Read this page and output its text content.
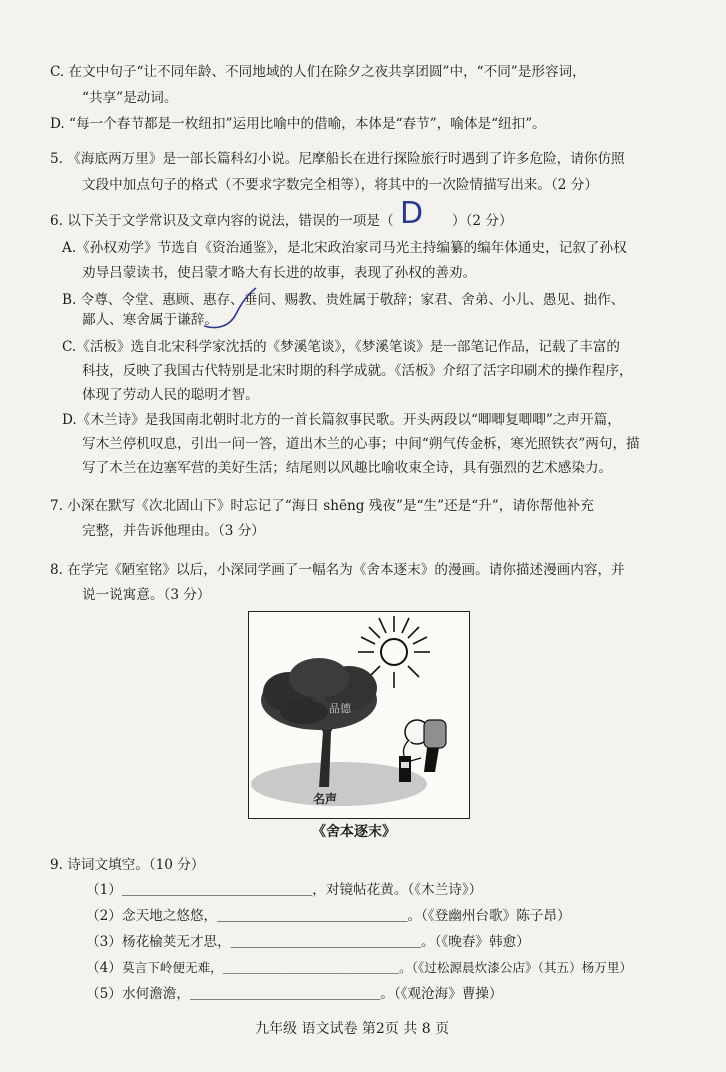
C. 在文中句子“让不同年龄、不同地域的人们在除夕之夜共享团圆”中，“不同”是形容词，
“共享”是动词。
D. “每一个春节都是一枚纽扣”运用比喻中的借喻，本体是“春节”，喻体是“纽扣”。
5. 《海底两万里》是一部长篇科幻小说。尼摩船长在进行探险旅行时遇到了许多危险，请你仿照
文段中加点句子的格式（不要求字数完全相等），将其中的一次险情描写出来。（2 分）
6. 以下关于文学常识及文章内容的说法，错误的一项是（ D ）（2 分）
A.《孙权劝学》节选自《资治通鉴》，是北宋政治家司马光主持编纂的编年体通史，记叙了孙权
劝导吕蒙读书，使吕蒙才略大有长进的故事，表现了孙权的善劝。
B. 令尊、令堂、惠顾、惠存、垂问、赐教、贵姓属于敬辞；家君、舍弟、小儿、愚见、拙作、
鄙人、寒舍属于谦辞。
C.《活板》选自北宋科学家沈括的《梦溪笔谈》，《梦溪笔谈》是一部笔记作品，记载了丰富的
科技，反映了我国古代特别是北宋时期的科学成就。《活板》介绍了活字印刷术的操作程序，
体现了劳动人民的聪明才智。
D.《木兰诗》是我国南北朝时北方的一首长篇叙事民歌。开头两段以“唧唧复唧唧”之声开篇，
写木兰停机叹息，引出一问一答，道出木兰的心事；中间“朔气传金柝，寒光照铁衣”两句，描
写了木兰在边塞军营的美好生活；结尾则以风趣比喻收束全诗，具有强烈的艺术感染力。
7. 小深在默写《次北固山下》时忘记了“海日 shēng 残夜”是“生”还是“升”，请你帮他补充
完整，并告诉他理由。（3 分）
8. 在学完《陋室铭》以后，小深同学画了一幅名为《舍本逐末》的漫画。请你描述漫画内容，并
说一说寓意。（3 分）
品德
名声
《舍本逐末》
9. 诗词文填空。（10 分）
（1） ＿＿＿＿＿＿＿＿＿＿＿＿＿＿，对镜帖花黄。（《木兰诗》）
（2） 念天地之悠悠，＿＿＿＿＿＿＿＿＿＿＿＿＿＿。（《登幽州台歌》陈子昂）
（3） 杨花榆荚无才思，＿＿＿＿＿＿＿＿＿＿＿＿＿＿。（《晚春》韩愈）
（4） 莫言下岭便无难，＿＿＿＿＿＿＿＿＿＿＿＿＿＿。（《过松源晨炊漆公店》（其五）杨万里）
（5） 水何澹澹，＿＿＿＿＿＿＿＿＿＿＿＿＿＿。（《观沧海》曹操）
九年级 语文试卷 第2页 共 8 页
